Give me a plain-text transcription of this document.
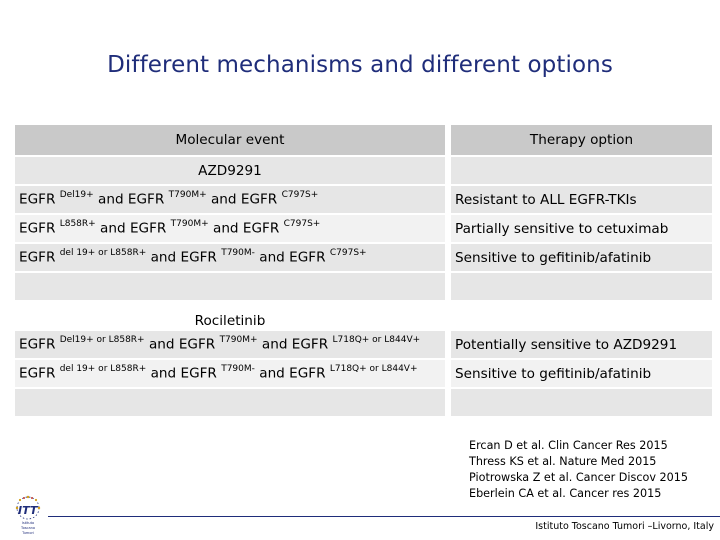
Different mechanisms and different options
Molecular event		Therapy option
AZD9291		
EGFR $^{Del19+}$ and EGFR $^{T790M+}$ and EGFR $^{C797S+}$		Resistant to ALL EGFR-TKIs
EGFR $^{L858R+}$ and EGFR $^{T790M+}$ and EGFR $^{C797S+}$		Partially sensitive to cetuximab
EGFR $^{del 19+ or L858R+}$ and EGFR $^{T790M-}$ and EGFR $^{C797S+}$		Sensitive to gefitinib/afatinib

Rociletinib		
EGFR $^{Del19+ or L858R+}$ and EGFR $^{T790M+}$ and EGFR $^{L718Q+ or L844V+}$		Potentially sensitive to AZD9291
EGFR $^{del 19+ or L858R+}$ and EGFR $^{T790M-}$ and EGFR $^{L718Q+ or L844V+}$		Sensitive to gefitinib/afatinib

Ercan D et al. Clin Cancer Res 2015
Thress KS et al. Nature Med 2015
Piotrowska Z et al. Cancer Discov 2015
Eberlein CA et al. Cancer res 2015
ITT
Istituto
Toscano
Tumori
Istituto Toscano Tumori –Livorno, Italy
